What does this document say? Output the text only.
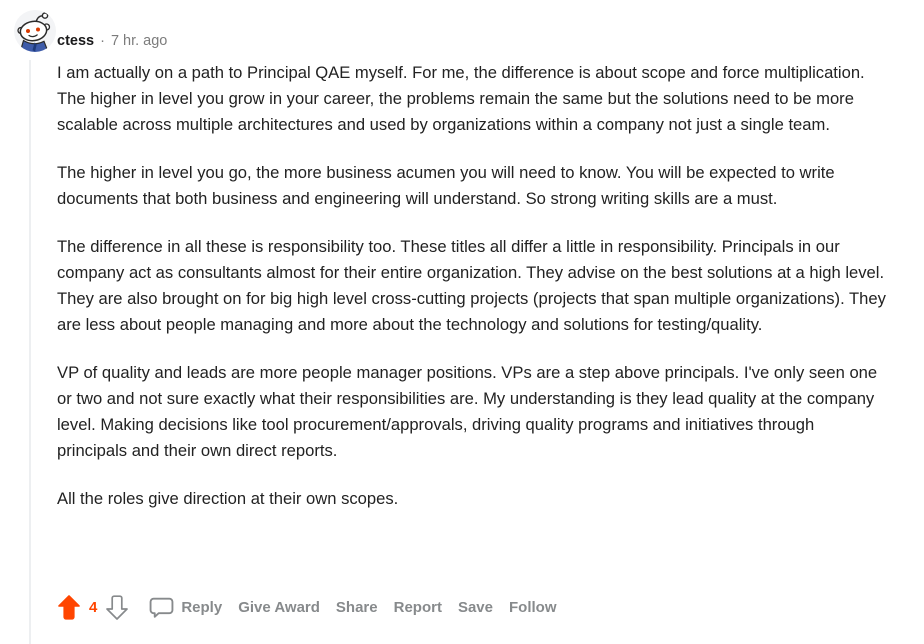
ctess · 7 hr. ago

I am actually on a path to Principal QAE myself. For me, the difference is about scope and force multiplication. The higher in level you grow in your career, the problems remain the same but the solutions need to be more scalable across multiple architectures and used by organizations within a company not just a single team.

The higher in level you go, the more business acumen you will need to know. You will be expected to write documents that both business and engineering will understand. So strong writing skills are a must.

The difference in all these is responsibility too. These titles all differ a little in responsibility. Principals in our company act as consultants almost for their entire organization. They advise on the best solutions at a high level. They are also brought on for big high level cross-cutting projects (projects that span multiple organizations). They are less about people managing and more about the technology and solutions for testing/quality.

VP of quality and leads are more people manager positions. VPs are a step above principals. I've only seen one or two and not sure exactly what their responsibilities are. My understanding is they lead quality at the company level. Making decisions like tool procurement/approvals, driving quality programs and initiatives through principals and their own direct reports.

All the roles give direction at their own scopes.

4	Reply	Give Award	Share	Report	Save	Follow
